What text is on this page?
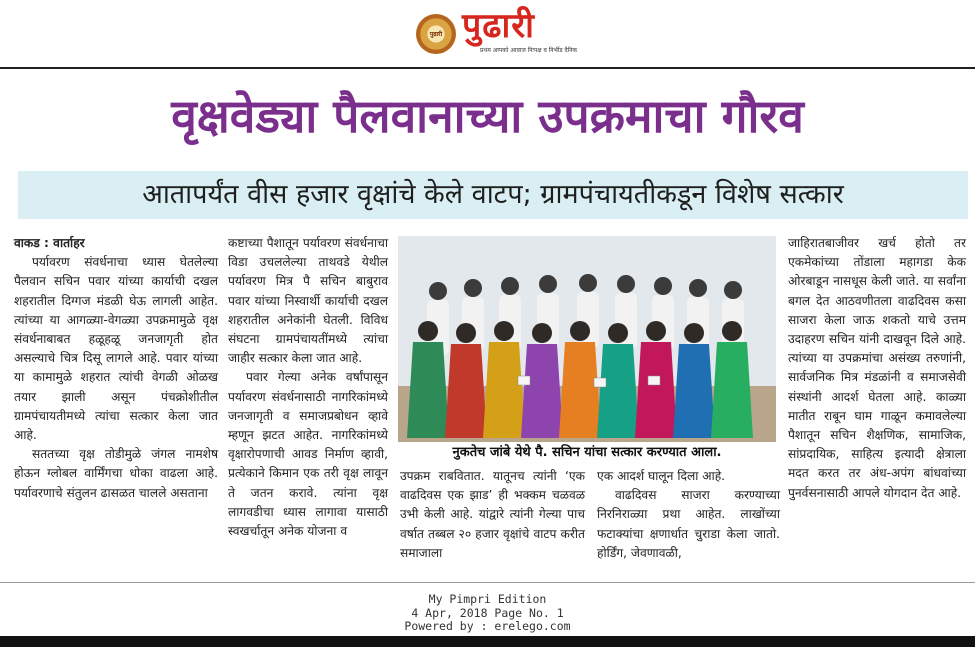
पुढारी पुढारी
प्रथम आपको आवाज निःपक्ष व निर्भीड दैनिक
वृक्षवेड्या पैलवानाच्या उपक्रमाचा गौरव
आतापर्यंत वीस हजार वृक्षांचे केले वाटप; ग्रामपंचायतीकडून विशेष सत्कार

वाकड : वार्ताहर

पर्यावरण संवर्धनाचा ध्यास घेतलेल्या पैलवान सचिन पवार यांच्या कार्याची दखल शहरातील दिग्गज मंडळी घेऊ लागली आहेत. त्यांच्या या आगळ्या-वेगळ्या उपक्रमामुळे वृक्ष संवर्धनाबाबत हळूहळू जनजागृती होत असल्याचे चित्र दिसू लागले आहे. पवार यांच्या या कामामुळे शहरात त्यांची वेगळी ओळख तयार झाली असून पंचक्रोशीतील ग्रामपंचायतीमध्ये त्यांचा सत्कार केला जात आहे.

सततच्या वृक्ष तोडीमुळे जंगल नामशेष होऊन ग्लोबल वार्मिंगचा धोका वाढला आहे. पर्यावरणाचे संतुलन ढासळत चालले असताना

कष्टाच्या पैशातून पर्यावरण संवर्धनाचा विडा उचललेल्या ताथवडे येथील पर्यावरण मित्र पै सचिन बाबुराव पवार यांच्या निस्वार्थी कार्याची दखल शहरातील अनेकांनी घेतली. विविध संघटना ग्रामपंचायतींमध्ये त्यांचा जाहीर सत्कार केला जात आहे.

पवार गेल्या अनेक वर्षांपासून पर्यावरण संवर्धनासाठी नागरिकांमध्ये जनजागृती व समाजप्रबोधन व्हावे म्हणून झटत आहेत. नागरिकांमध्ये वृक्षारोपणाची आवड निर्माण व्हावी, प्रत्येकाने किमान एक तरी वृक्ष लावून ते जतन करावे. त्यांना वृक्ष लागवडीचा ध्यास लागावा यासाठी स्वखर्चातून अनेक योजना व

नुकतेच जांबे येथे पै. सचिन यांचा सत्कार करण्यात आला.

उपक्रम राबवितात. यातूनच त्यांनी ‘एक वाढदिवस एक झाड’ ही भक्कम चळवळ उभी केली आहे. यांद्वारे त्यांनी गेल्या पाच वर्षात तब्बल २० हजार वृक्षांचे वाटप करीत समाजाला

एक आदर्श घालून दिला आहे.

वाढदिवस साजरा करण्याच्या निरनिराळ्या प्रथा आहेत. लाखोंच्या फटाक्यांचा क्षणार्धात चुराडा केला जातो. होर्डिंग, जेवणावळी,

जाहिरातबाजीवर खर्च होतो तर एकमेकांच्या तोंडाला महागडा केक ओरबाडून नासधूस केली जाते. या सर्वांना बगल देत आठवणीतला वाढदिवस कसा साजरा केला जाऊ शकतो याचे उत्तम उदाहरण सचिन यांनी दाखवून दिले आहे. त्यांच्या या उपक्रमांचा असंख्य तरुणांनी, सार्वजनिक मित्र मंडळांनी व समाजसेवी संस्थांनी आदर्श घेतला आहे. काळ्या मातीत राबून घाम गाळून कमावलेल्या पैशातून सचिन शैक्षणिक, सामाजिक, सांप्रदायिक, साहित्य इत्यादी क्षेत्राला मदत करत तर अंध-अपंग बांधवांच्या पुनर्वसनासाठी आपले योगदान देत आहे.

My Pimpri Edition
4 Apr, 2018 Page No. 1
Powered by : erelego.com
